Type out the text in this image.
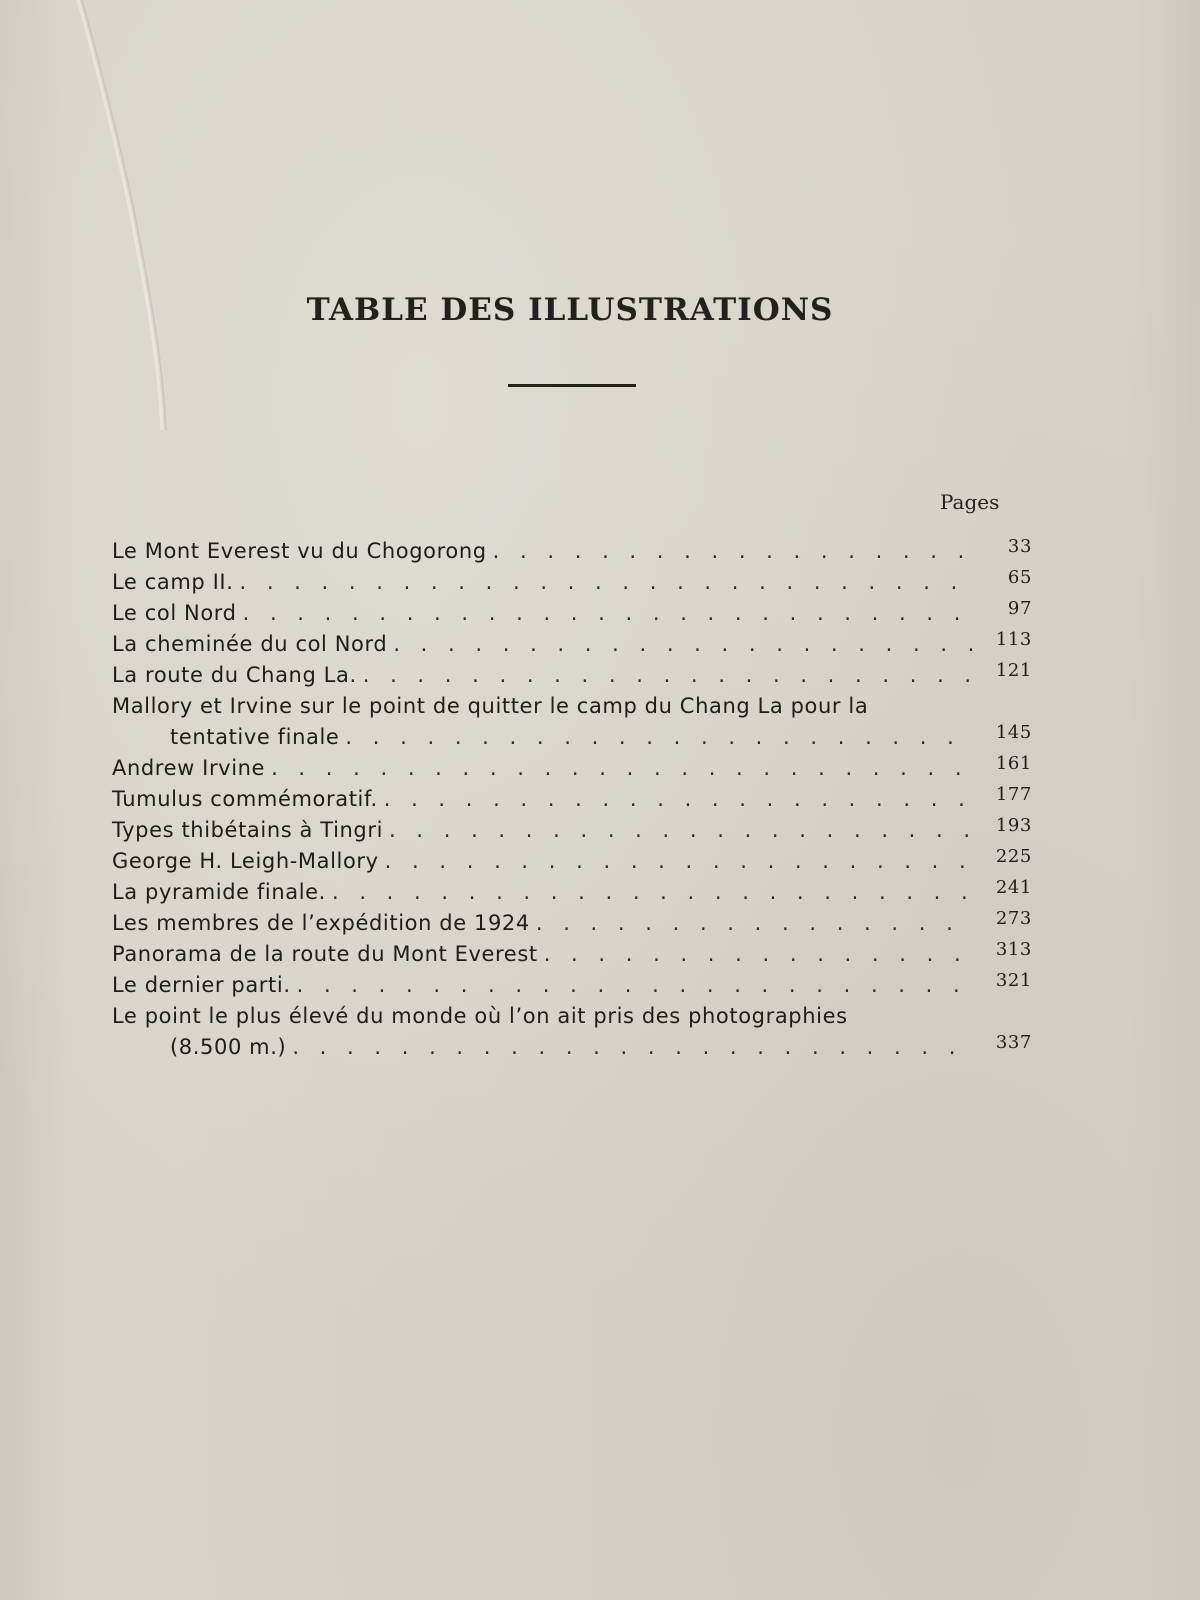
TABLE DES ILLUSTRATIONS
Pages
Le Mont Everest vu du Chogorong . . .	33
Le camp II. . . .	65
Le col Nord . . .	97
La cheminée du col Nord . . .	113
La route du Chang La. . . .	121
Mallory et Irvine sur le point de quitter le camp du Chang La pour la
tentative finale . . .	145
Andrew Irvine . . .	161
Tumulus commémoratif. . . .	177
Types thibétains à Tingri . . .	193
George H. Leigh-Mallory . . .	225
La pyramide finale. . . .	241
Les membres de l’expédition de 1924 . . .	273
Panorama de la route du Mont Everest . . .	313
Le dernier parti. . . .	321
Le point le plus élevé du monde où l’on ait pris des photographies
(8.500 m.) . . .	337
